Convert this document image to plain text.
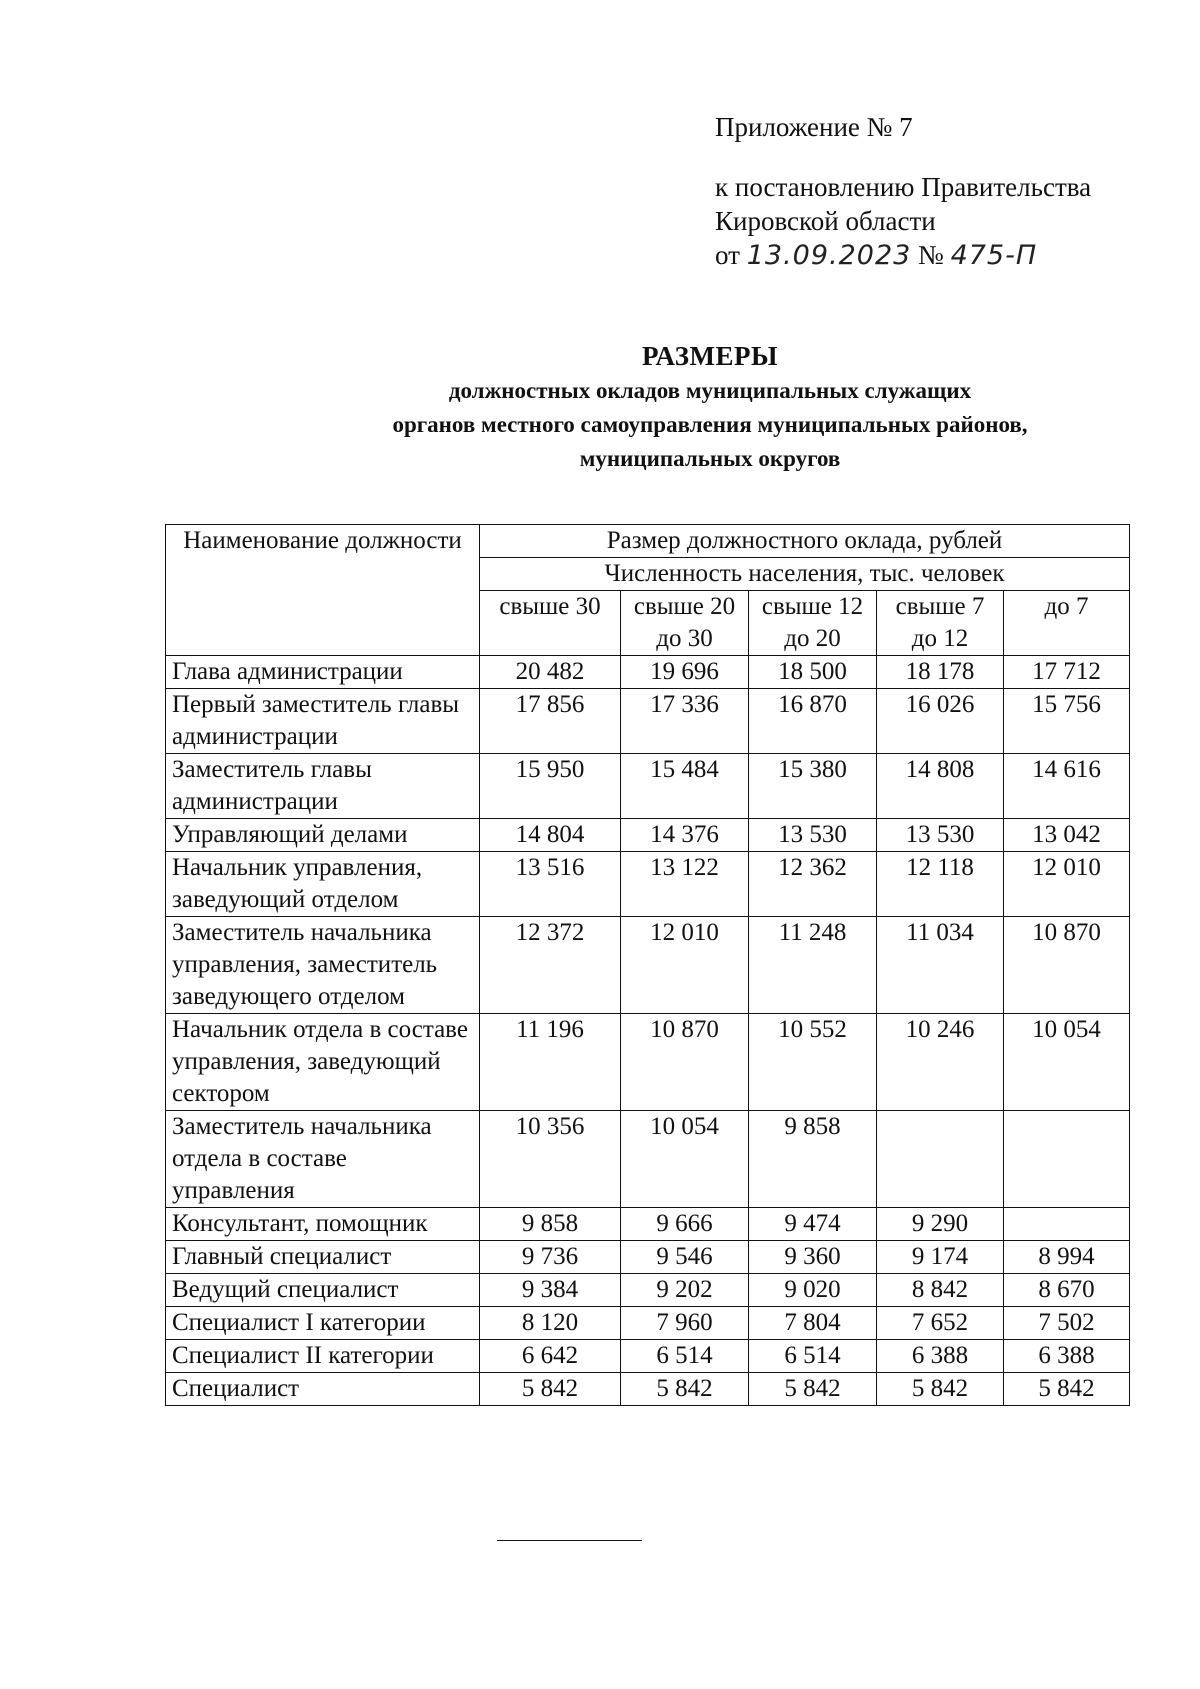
Приложение № 7
к постановлению Правительства
Кировской области
от 13.09.2023 № 475-П
РАЗМЕРЫ
должностных окладов муниципальных служащих
органов местного самоуправления муниципальных районов,
муниципальных округов
Наименование должности	Размер должностного оклада, рублей				
	Численность населения, тыс. человек				
	свыше 30	свыше 20 до 30	свыше 12 до 20	свыше 7 до 12	до 7
Глава администрации	20 482	19 696	18 500	18 178	17 712
Первый заместитель главы администрации	17 856	17 336	16 870	16 026	15 756
Заместитель главы администрации	15 950	15 484	15 380	14 808	14 616
Управляющий делами	14 804	14 376	13 530	13 530	13 042
Начальник управления, заведующий отделом	13 516	13 122	12 362	12 118	12 010
Заместитель начальника управления, заместитель заведующего отделом	12 372	12 010	11 248	11 034	10 870
Начальник отдела в составе управления, заведующий сектором	11 196	10 870	10 552	10 246	10 054
Заместитель начальника отдела в составе управления	10 356	10 054	9 858		
Консультант, помощник	9 858	9 666	9 474	9 290	
Главный специалист	9 736	9 546	9 360	9 174	8 994
Ведущий специалист	9 384	9 202	9 020	8 842	8 670
Специалист I категории	8 120	7 960	7 804	7 652	7 502
Специалист II категории	6 642	6 514	6 514	6 388	6 388
Специалист	5 842	5 842	5 842	5 842	5 842
